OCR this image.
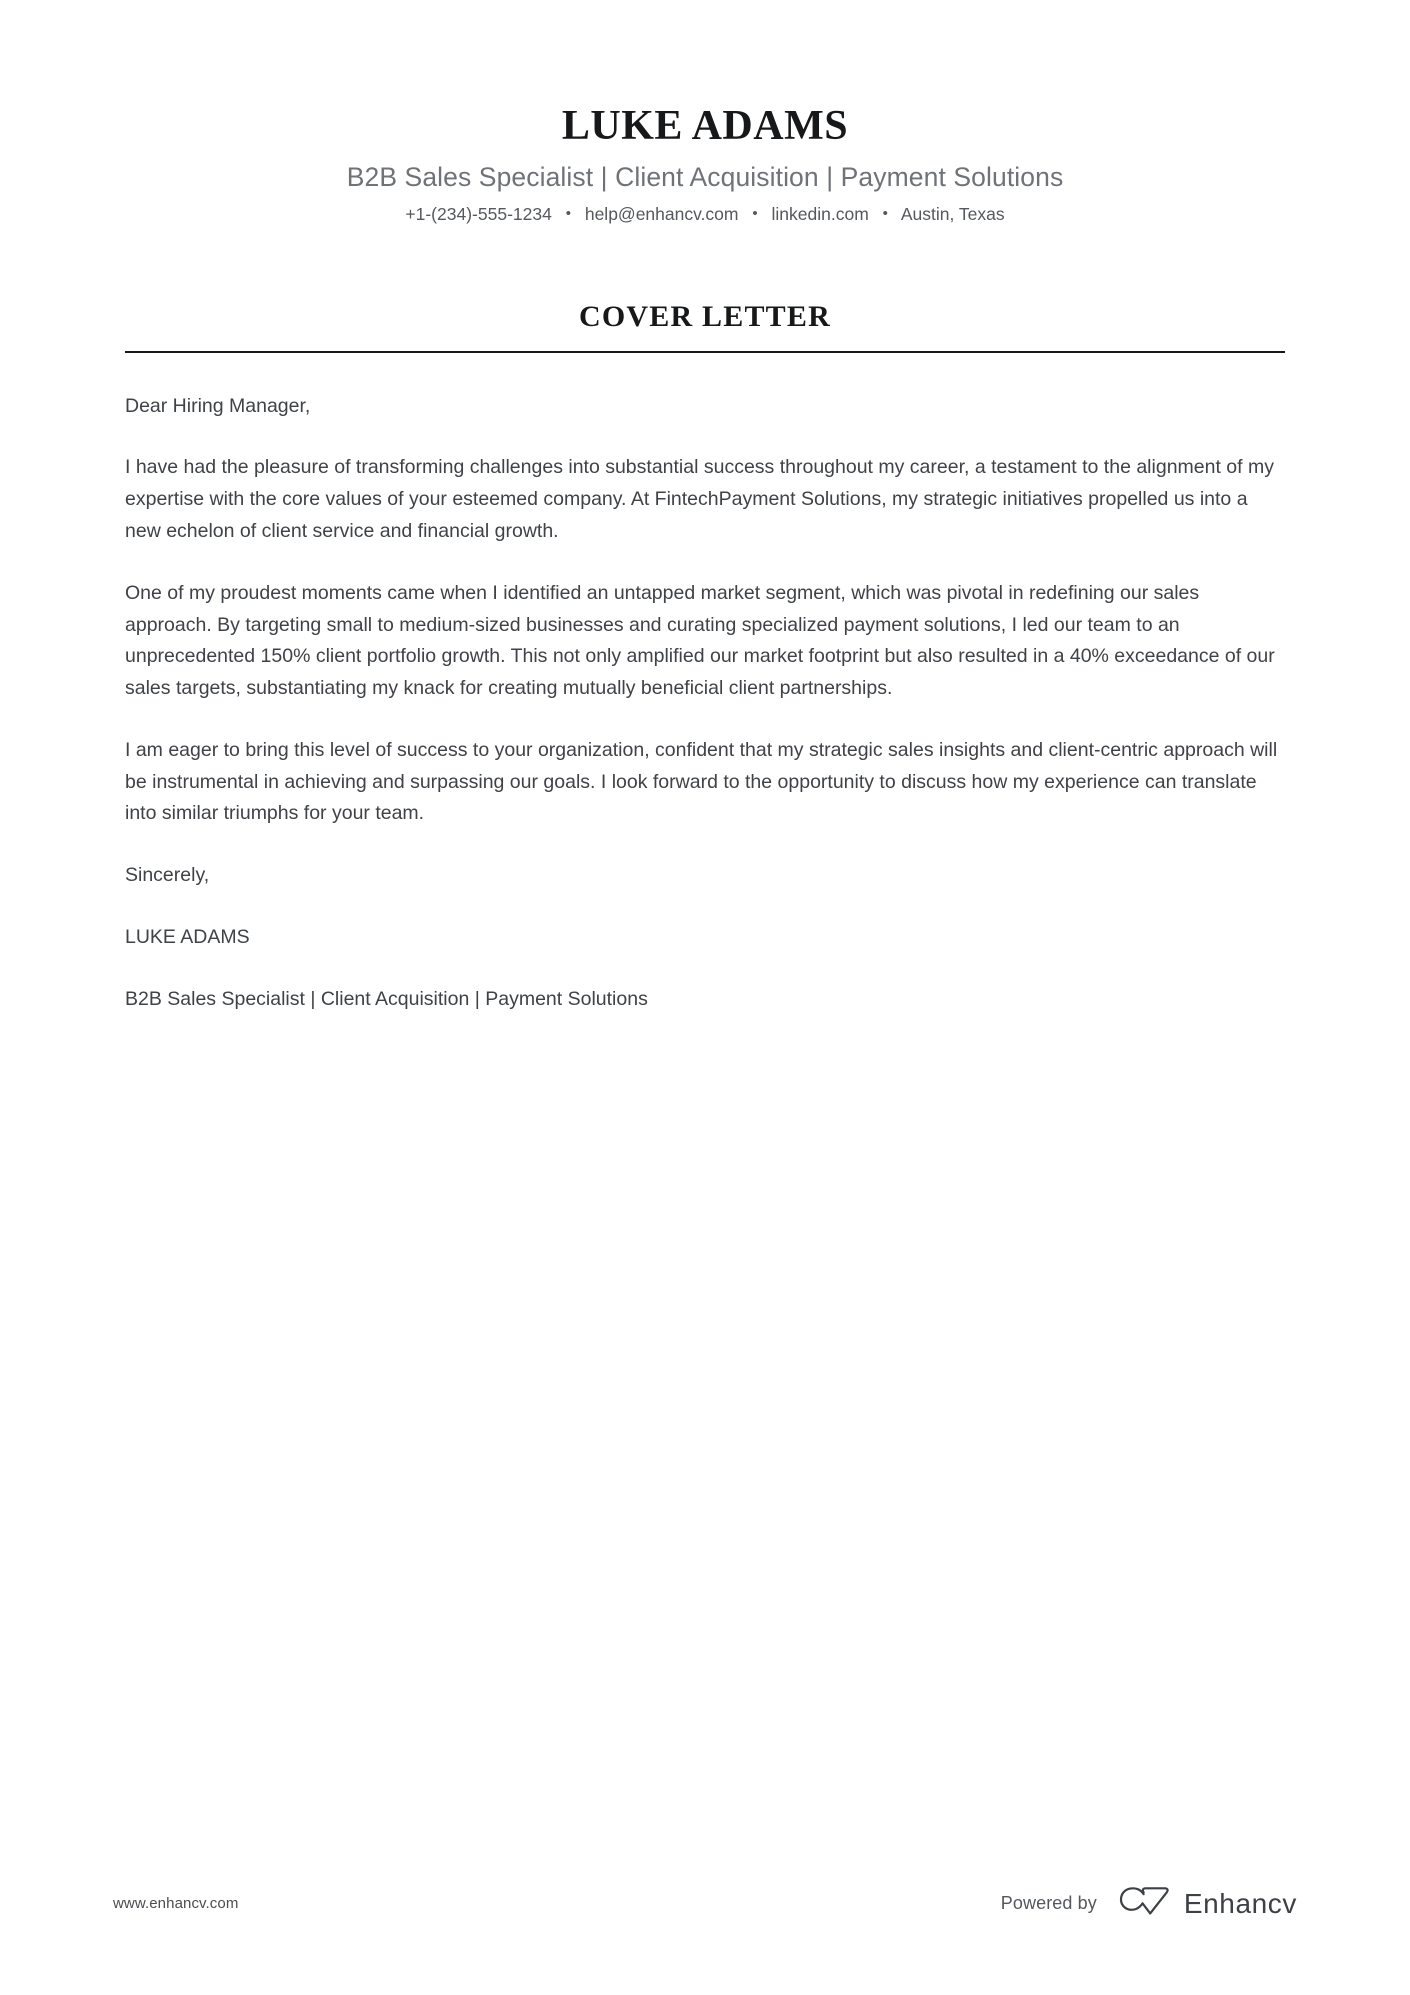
LUKE ADAMS
B2B Sales Specialist | Client Acquisition | Payment Solutions
+1-(234)-555-1234 • help@enhancv.com • linkedin.com • Austin, Texas
COVER LETTER

Dear Hiring Manager,

I have had the pleasure of transforming challenges into substantial success throughout my career, a testament to the alignment of my expertise with the core values of your esteemed company. At FintechPayment Solutions, my strategic initiatives propelled us into a new echelon of client service and financial growth.

One of my proudest moments came when I identified an untapped market segment, which was pivotal in redefining our sales approach. By targeting small to medium-sized businesses and curating specialized payment solutions, I led our team to an unprecedented 150% client portfolio growth. This not only amplified our market footprint but also resulted in a 40% exceedance of our sales targets, substantiating my knack for creating mutually beneficial client partnerships.

I am eager to bring this level of success to your organization, confident that my strategic sales insights and client-centric approach will be instrumental in achieving and surpassing our goals. I look forward to the opportunity to discuss how my experience can translate into similar triumphs for your team.

Sincerely,

LUKE ADAMS

B2B Sales Specialist | Client Acquisition | Payment Solutions

www.enhancv.com	Powered by	Enhancv
